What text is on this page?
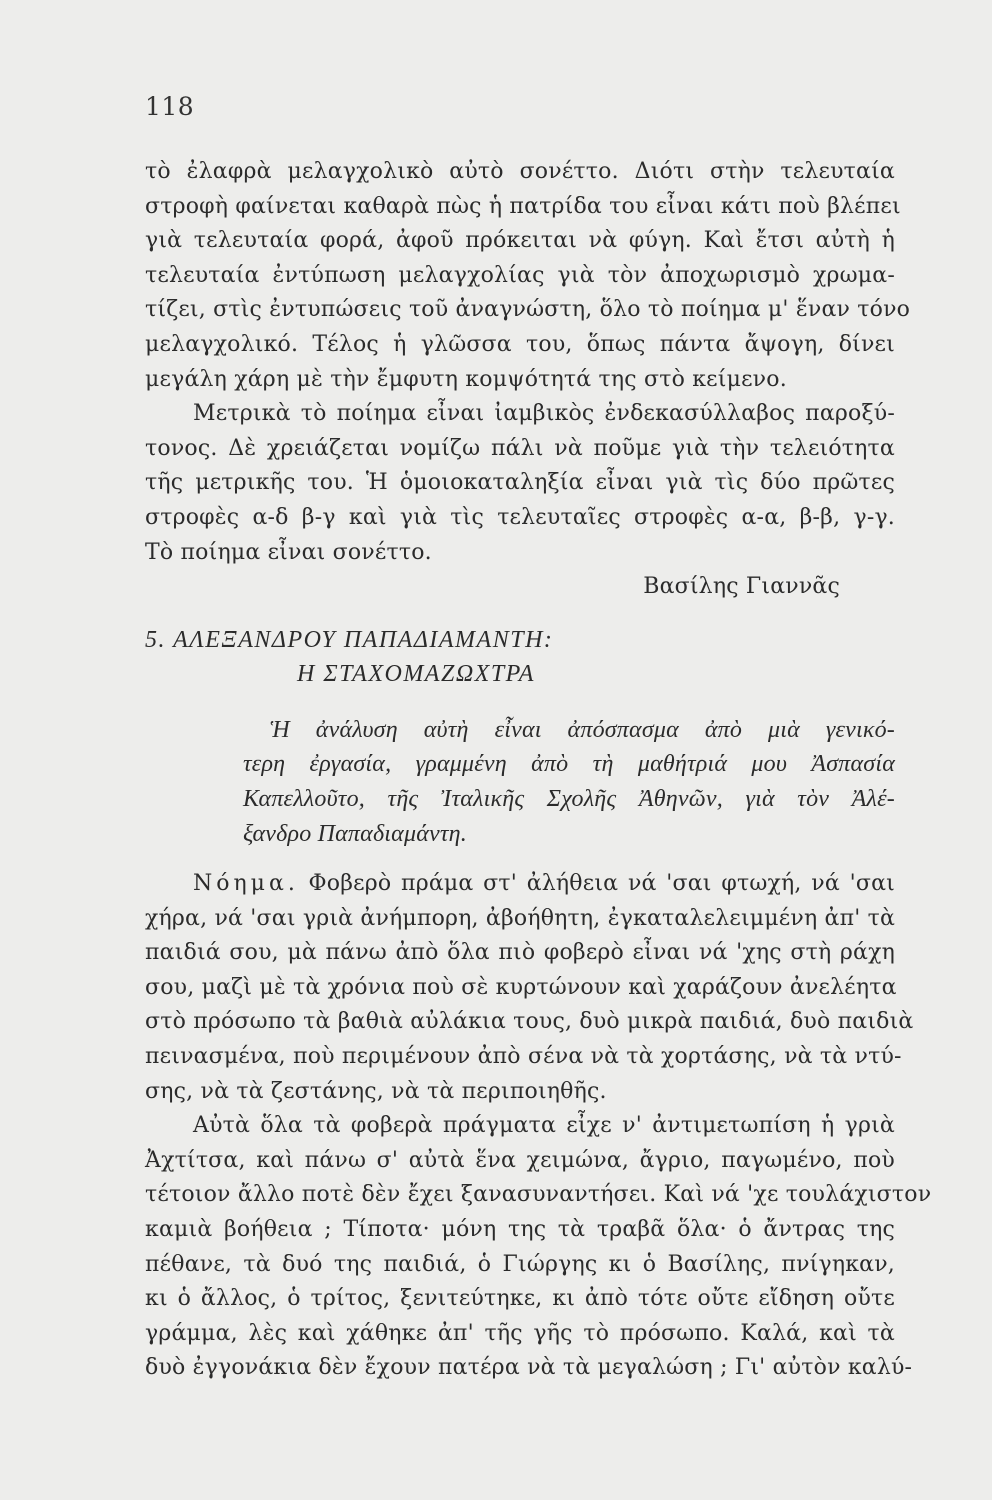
118
τὸ ἐλαφρὰ μελαγχολικὸ αὐτὸ σονέττο. Διότι στὴν τελευταία
στροφὴ φαίνεται καθαρὰ πὼς ἡ πατρίδα του εἶναι κάτι ποὺ βλέπει
γιὰ τελευταία φορά, ἀφοῦ πρόκειται νὰ φύγη. Καὶ ἔτσι αὐτὴ ἡ
τελευταία ἐντύπωση μελαγχολίας γιὰ τὸν ἀποχωρισμὸ χρωμα-
τίζει, στὶς ἐντυπώσεις τοῦ ἀναγνώστη, ὅλο τὸ ποίημα μ' ἕναν τόνο
μελαγχολικό. Τέλος ἡ γλῶσσα του, ὅπως πάντα ἄψογη, δίνει
μεγάλη χάρη μὲ τὴν ἔμφυτη κομψότητά της στὸ κείμενο.
Μετρικὰ τὸ ποίημα εἶναι ἰαμβικὸς ἐνδεκασύλλαβος παροξύ-
τονος. Δὲ χρειάζεται νομίζω πάλι νὰ ποῦμε γιὰ τὴν τελειότητα
τῆς μετρικῆς του. Ἡ ὁμοιοκαταληξία εἶναι γιὰ τὶς δύο πρῶτες
στροφὲς α-δ β-γ καὶ γιὰ τὶς τελευταῖες στροφὲς α-α, β-β, γ-γ.
Τὸ ποίημα εἶναι σονέττο.
Βασίλης Γιαννᾶς
5. ΑΛΕΞΑΝΔΡΟΥ ΠΑΠΑΔΙΑΜΑΝΤΗ:
Η ΣΤΑΧΟΜΑΖΩΧΤΡΑ
Ἡ ἀνάλυση αὐτὴ εἶναι ἀπόσπασμα ἀπὸ μιὰ γενικό-
τερη ἐργασία, γραμμένη ἀπὸ τὴ μαθήτριά μου Ἀσπασία
Καπελλοῦτο, τῆς Ἰταλικῆς Σχολῆς Ἀθηνῶν, γιὰ τὸν Ἀλέ-
ξανδρο Παπαδιαμάντη.
Νόημα. Φοβερὸ πράμα στ' ἀλήθεια νά 'σαι φτωχή, νά 'σαι
χήρα, νά 'σαι γριὰ ἀνήμπορη, ἀβοήθητη, ἐγκαταλελειμμένη ἀπ' τὰ
παιδιά σου, μὰ πάνω ἀπὸ ὅλα πιὸ φοβερὸ εἶναι νά 'χης στὴ ράχη
σου, μαζὶ μὲ τὰ χρόνια ποὺ σὲ κυρτώνουν καὶ χαράζουν ἀνελέητα
στὸ πρόσωπο τὰ βαθιὰ αὐλάκια τους, δυὸ μικρὰ παιδιά, δυὸ παιδιὰ
πεινασμένα, ποὺ περιμένουν ἀπὸ σένα νὰ τὰ χορτάσης, νὰ τὰ ντύ-
σης, νὰ τὰ ζεστάνης, νὰ τὰ περιποιηθῆς.
Αὐτὰ ὅλα τὰ φοβερὰ πράγματα εἶχε ν' ἀντιμετωπίση ἡ γριὰ
Ἀχτίτσα, καὶ πάνω σ' αὐτὰ ἕνα χειμώνα, ἄγριο, παγωμένο, ποὺ
τέτοιον ἄλλο ποτὲ δὲν ἔχει ξανασυναντήσει. Καὶ νά 'χε τουλάχιστον
καμιὰ βοήθεια ; Τίποτα· μόνη της τὰ τραβᾶ ὅλα· ὁ ἄντρας της
πέθανε, τὰ δυό της παιδιά, ὁ Γιώργης κι ὁ Βασίλης, πνίγηκαν,
κι ὁ ἄλλος, ὁ τρίτος, ξενιτεύτηκε, κι ἀπὸ τότε οὔτε εἴδηση οὔτε
γράμμα, λὲς καὶ χάθηκε ἀπ' τῆς γῆς τὸ πρόσωπο. Καλά, καὶ τὰ
δυὸ ἐγγονάκια δὲν ἔχουν πατέρα νὰ τὰ μεγαλώση ; Γι' αὐτὸν καλύ-
